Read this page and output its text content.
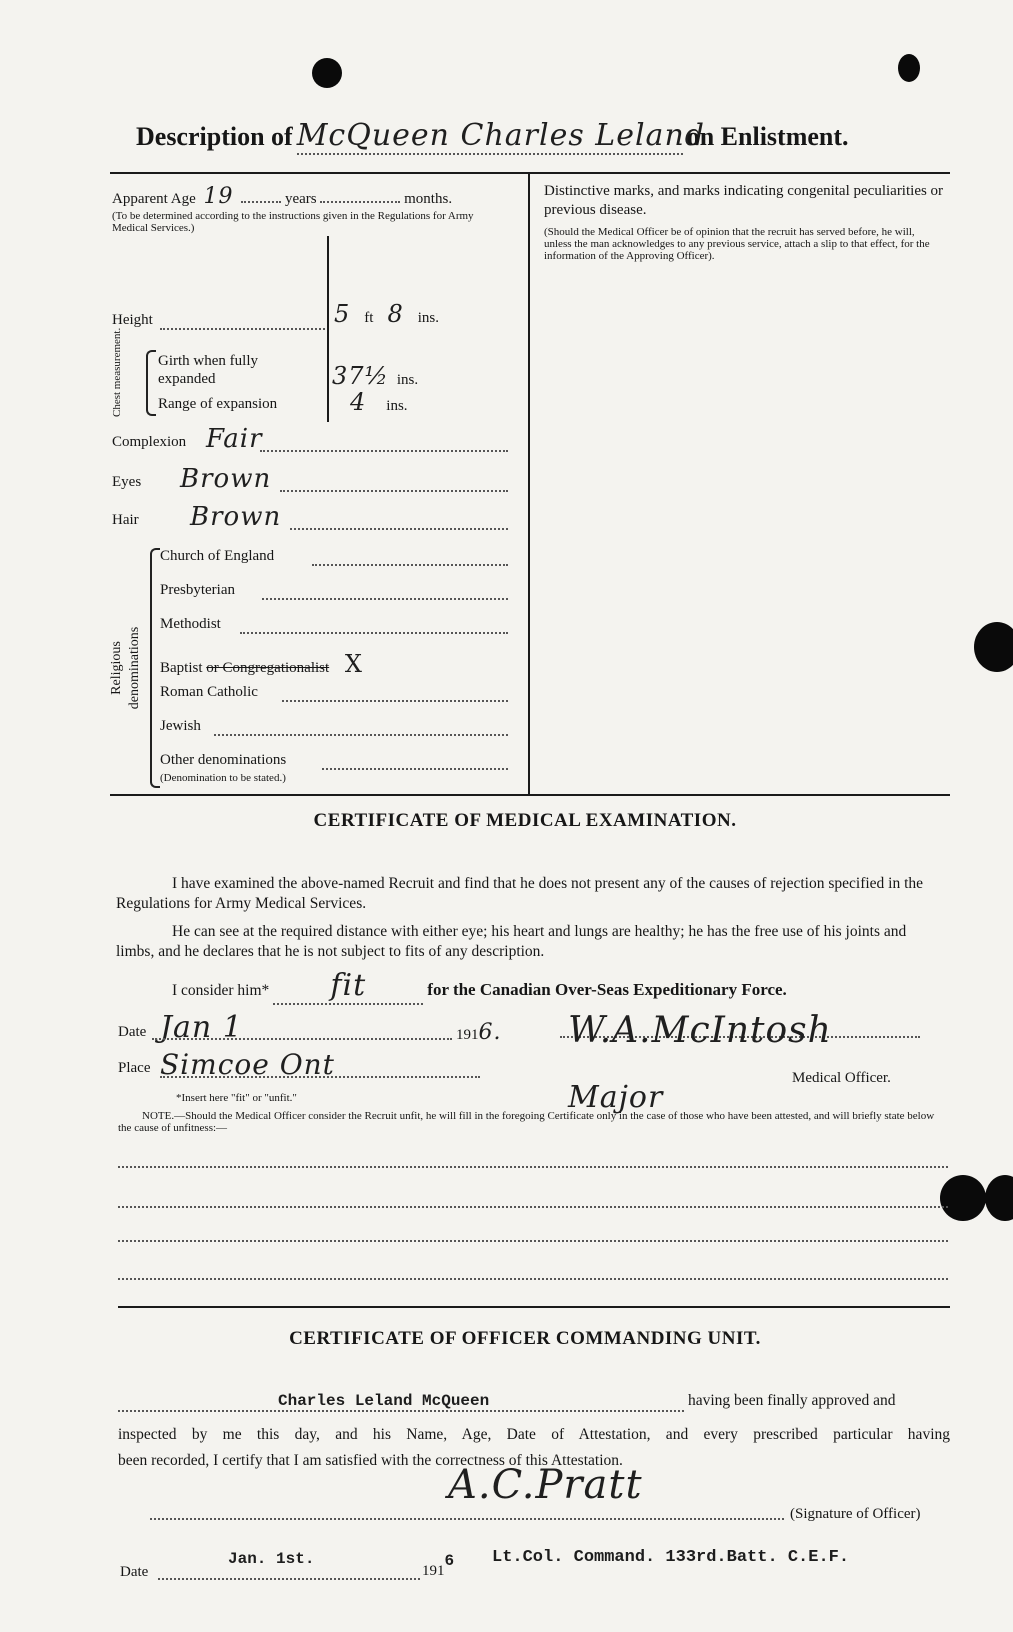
Description of McQueen Charles Leland on Enlistment.
Apparent Age 19	years	months.
(To be determined according to the instructions given in the Regulations for Army Medical Services.)
Height	5 ft 8 ins.
Chest measurement. Girth when fully expanded	37½ ins.
Range of expansion	4 ins.
Complexion Fair
Eyes Brown
Hair Brown
Religious denominations
Church of England
Presbyterian
Methodist
Baptist or Congregationalist X
Roman Catholic
Jewish
Other denominations
(Denomination to be stated.)
Distinctive marks, and marks indicating congenital peculiarities or previous disease.
(Should the Medical Officer be of opinion that the recruit has served before, he will, unless the man acknowledges to any previous service, attach a slip to that effect, for the information of the Approving Officer).
CERTIFICATE OF MEDICAL EXAMINATION.
I have examined the above-named Recruit and find that he does not present any of the causes of rejection specified in the Regulations for Army Medical Services.
He can see at the required distance with either eye; his heart and lungs are healthy; he has the free use of his joints and limbs, and he declares that he is not subject to fits of any description.
I consider him* fit	for the Canadian Over-Seas Expeditionary Force.
Date Jan 1	1916.
Place Simcoe Ont
W.A.McIntosh
Medical Officer.
Major
*Insert here "fit" or "unfit."
NOTE.—Should the Medical Officer consider the Recruit unfit, he will fill in the foregoing Certificate only in the case of those who have been attested, and will briefly state below the cause of unfitness:—
CERTIFICATE OF OFFICER COMMANDING UNIT.
Charles Leland McQueen	having been finally approved and
inspected by me this day, and his Name, Age, Date of Attestation, and every prescribed particular having
been recorded, I certify that I am satisfied with the correctness of this Attestation.
A.C.Pratt
(Signature of Officer)
Date
Jan. 1st.
1916 Lt.Col. Command. 133rd.Batt. C.E.F.
